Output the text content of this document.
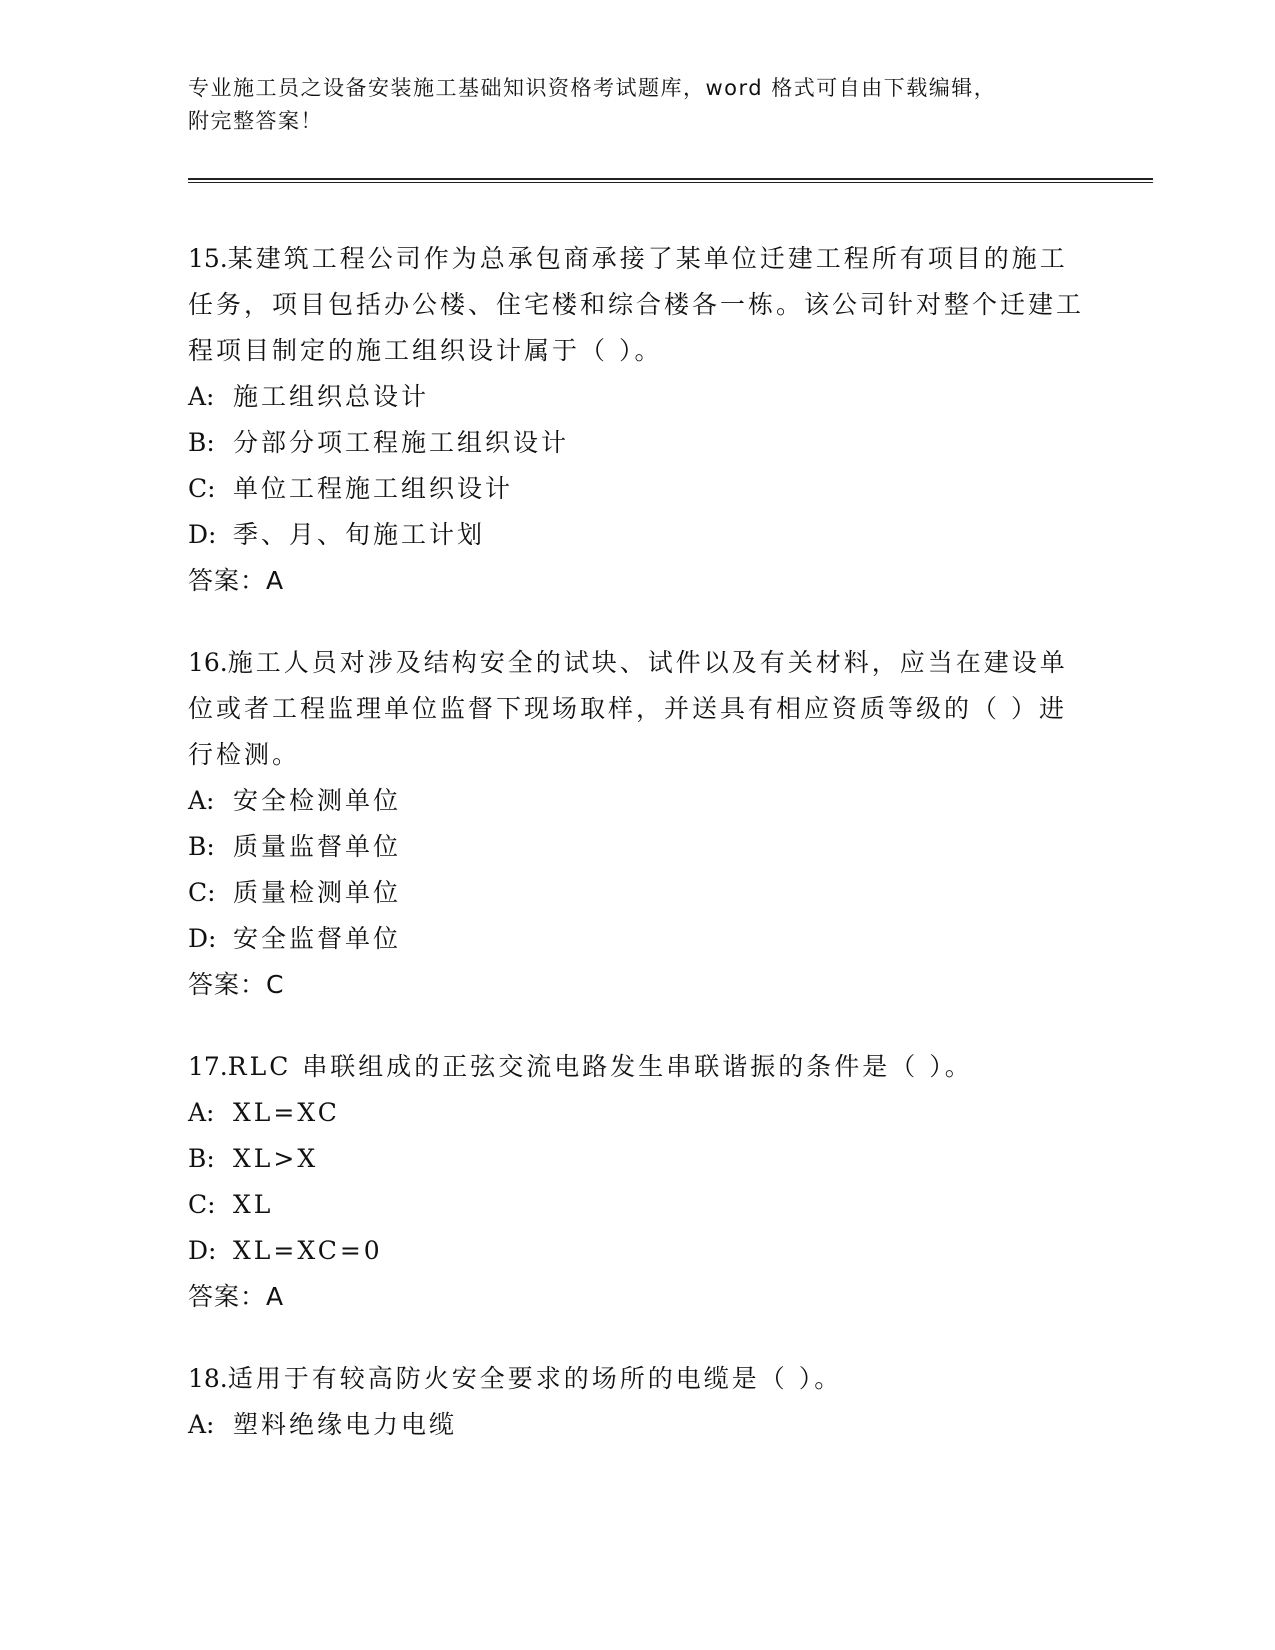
专业施工员之设备安装施工基础知识资格考试题库，word 格式可自由下载编辑，
附完整答案！
15.某建筑工程公司作为总承包商承接了某单位迁建工程所有项目的施工任务，项目包括办公楼、住宅楼和综合楼各一栋。该公司针对整个迁建工程项目制定的施工组织设计属于（ ）。
A: 施工组织总设计
B: 分部分项工程施工组织设计
C: 单位工程施工组织设计
D: 季、月、旬施工计划
答案：A
16.施工人员对涉及结构安全的试块、试件以及有关材料，应当在建设单位或者工程监理单位监督下现场取样，并送具有相应资质等级的（ ）进行检测。
A: 安全检测单位
B: 质量监督单位
C: 质量检测单位
D: 安全监督单位
答案：C
17.RLC 串联组成的正弦交流电路发生串联谐振的条件是（ ）。
A: XL=XC
B: XL>X
C: XL
D: XL=XC=0
答案：A
18.适用于有较高防火安全要求的场所的电缆是（ ）。
A: 塑料绝缘电力电缆
